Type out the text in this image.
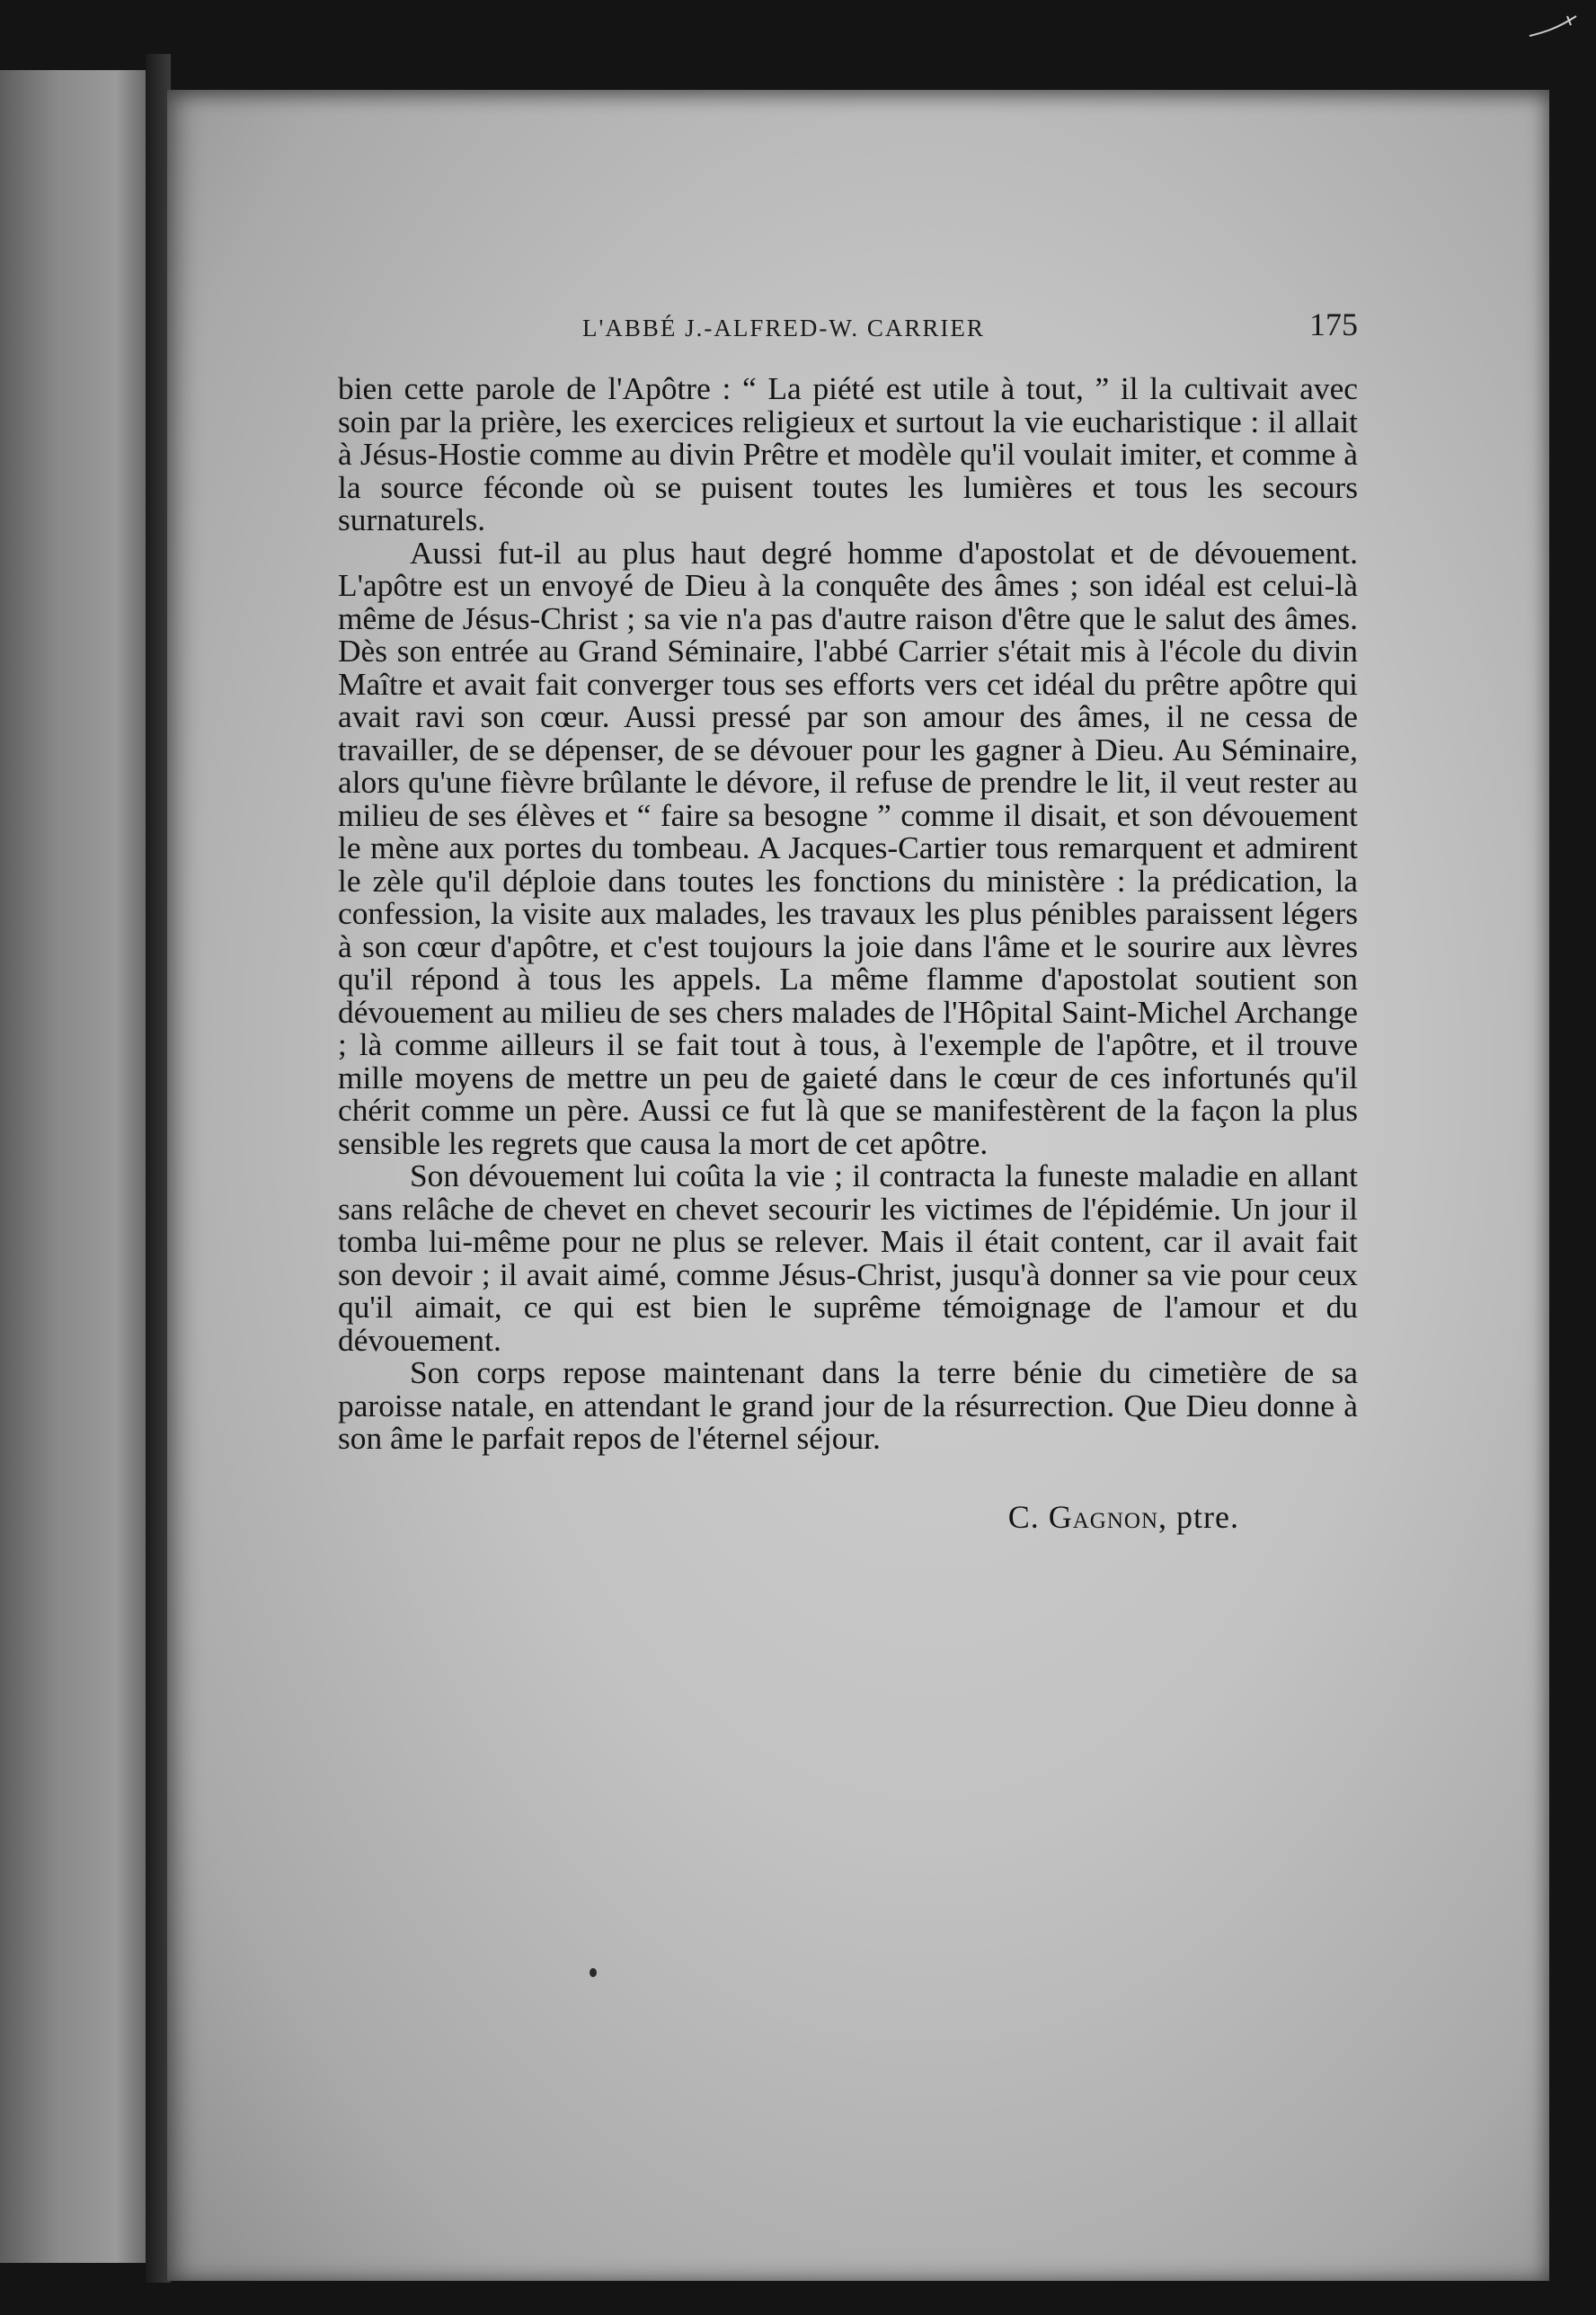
L'ABBÉ J.-ALFRED-W. CARRIER	175

bien cette parole de l'Apôtre : “ La piété est utile à tout, ” il la cultivait avec soin par la prière, les exercices religieux et surtout la vie eucharistique : il allait à Jésus-Hostie comme au divin Prêtre et modèle qu'il voulait imiter, et comme à la source féconde où se puisent toutes les lumières et tous les secours surnaturels.

Aussi fut-il au plus haut degré homme d'apostolat et de dévouement. L'apôtre est un envoyé de Dieu à la conquête des âmes ; son idéal est celui-là même de Jésus-Christ ; sa vie n'a pas d'autre raison d'être que le salut des âmes. Dès son entrée au Grand Séminaire, l'abbé Carrier s'était mis à l'école du divin Maître et avait fait converger tous ses efforts vers cet idéal du prêtre apôtre qui avait ravi son cœur. Aussi pressé par son amour des âmes, il ne cessa de travailler, de se dépenser, de se dévouer pour les gagner à Dieu. Au Séminaire, alors qu'une fièvre brûlante le dévore, il refuse de prendre le lit, il veut rester au milieu de ses élèves et “ faire sa besogne ” comme il disait, et son dévouement le mène aux portes du tombeau. A Jacques-Cartier tous remarquent et admirent le zèle qu'il déploie dans toutes les fonctions du ministère : la prédication, la confession, la visite aux malades, les travaux les plus pénibles paraissent légers à son cœur d'apôtre, et c'est toujours la joie dans l'âme et le sourire aux lèvres qu'il répond à tous les appels. La même flamme d'apostolat soutient son dévouement au milieu de ses chers malades de l'Hôpital Saint-Michel Archange ; là comme ailleurs il se fait tout à tous, à l'exemple de l'apôtre, et il trouve mille moyens de mettre un peu de gaieté dans le cœur de ces infortunés qu'il chérit comme un père. Aussi ce fut là que se manifestèrent de la façon la plus sensible les regrets que causa la mort de cet apôtre.

Son dévouement lui coûta la vie ; il contracta la funeste maladie en allant sans relâche de chevet en chevet secourir les victimes de l'épidémie. Un jour il tomba lui-même pour ne plus se relever. Mais il était content, car il avait fait son devoir ; il avait aimé, comme Jésus-Christ, jusqu'à donner sa vie pour ceux qu'il aimait, ce qui est bien le suprême témoignage de l'amour et du dévouement.

Son corps repose maintenant dans la terre bénie du cimetière de sa paroisse natale, en attendant le grand jour de la résurrection. Que Dieu donne à son âme le parfait repos de l'éternel séjour.

C. Gagnon, ptre.
